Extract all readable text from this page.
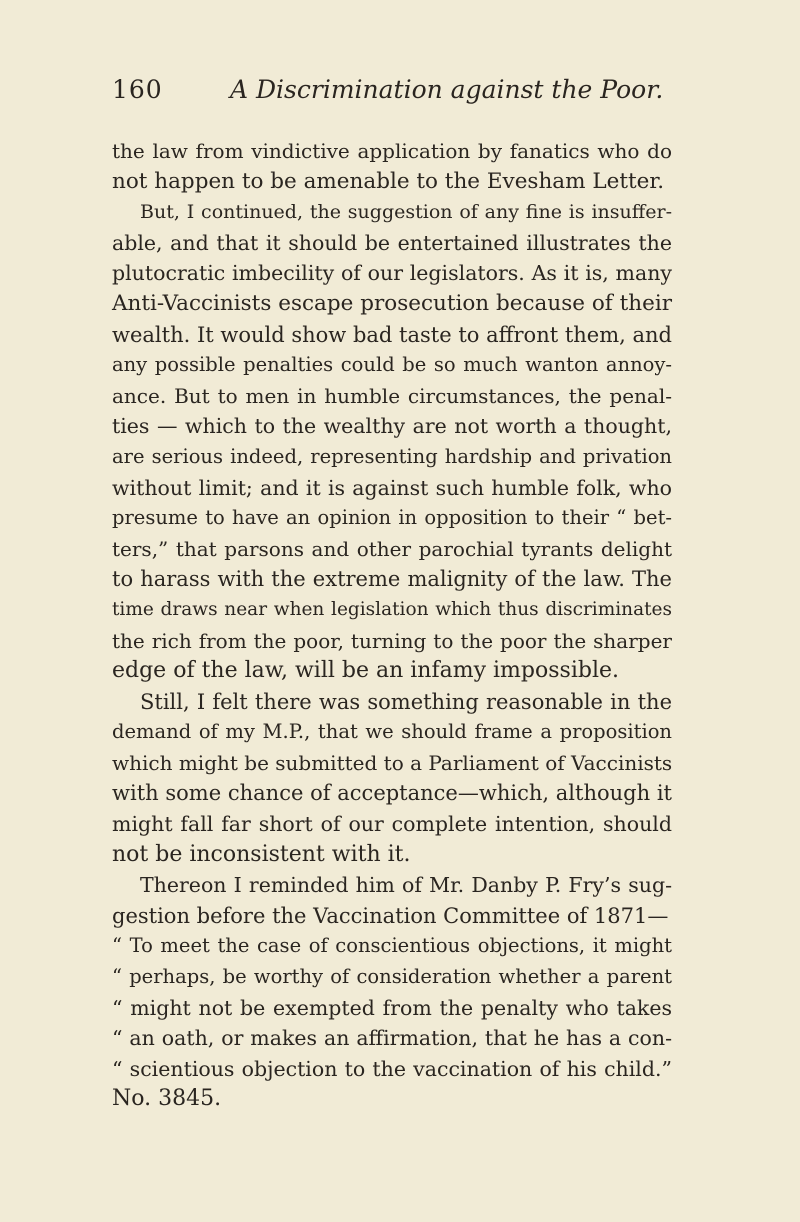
160	A Discrimination against the Poor.
the law from vindictive application by fanatics who do
not happen to be amenable to the Evesham Letter.
But, I continued, the suggestion of any fine is insuffer-
able, and that it should be entertained illustrates the
plutocratic imbecility of our legislators. As it is, many
Anti-Vaccinists escape prosecution because of their
wealth. It would show bad taste to affront them, and
any possible penalties could be so much wanton annoy-
ance. But to men in humble circumstances, the penal-
ties — which to the wealthy are not worth a thought,
are serious indeed, representing hardship and privation
without limit; and it is against such humble folk, who
presume to have an opinion in opposition to their “ bet-
ters,” that parsons and other parochial tyrants delight
to harass with the extreme malignity of the law. The
time draws near when legislation which thus discriminates
the rich from the poor, turning to the poor the sharper
edge of the law, will be an infamy impossible.
Still, I felt there was something reasonable in the
demand of my M.P., that we should frame a proposition
which might be submitted to a Parliament of Vaccinists
with some chance of acceptance—which, although it
might fall far short of our complete intention, should
not be inconsistent with it.
Thereon I reminded him of Mr. Danby P. Fry’s sug-
gestion before the Vaccination Committee of 1871—
“ To meet the case of conscientious objections, it might
“ perhaps, be worthy of consideration whether a parent
“ might not be exempted from the penalty who takes
“ an oath, or makes an affirmation, that he has a con-
“ scientious objection to the vaccination of his child.”
No. 3845.
